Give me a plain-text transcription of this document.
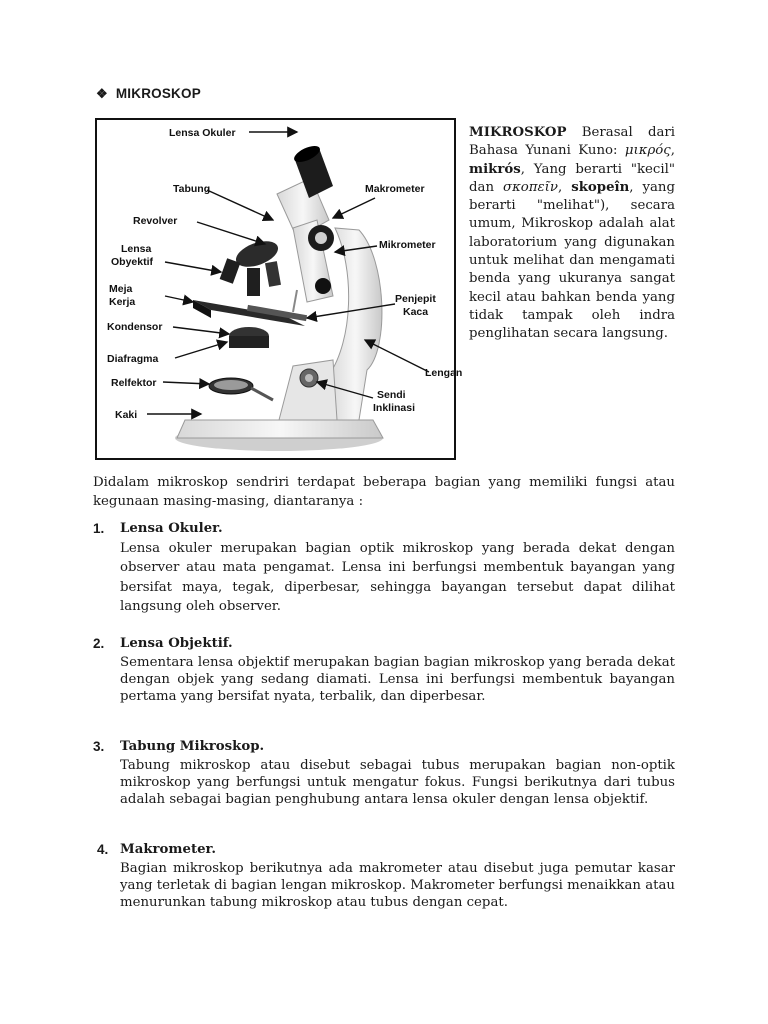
❖ MIKROSKOP
Lensa Okuler
Tabung
Revolver
Lensa
Obyektif
Meja
Kerja
Kondensor
Diafragma
Relfektor
Kaki
Makrometer
Mikrometer
Penjepit
Kaca
Lengan
Sendi
Inklinasi
MIKROSKOP Berasal dari Bahasa Yunani Kuno: μικρός, mikrós, Yang berarti "kecil" dan σκοπεῖν, skopeîn, yang berarti "melihat"), secara umum, Mikroskop adalah alat laboratorium yang digunakan untuk melihat dan mengamati benda yang ukuranya sangat kecil atau bahkan benda yang tidak tampak oleh indra penglihatan secara langsung.
Didalam mikroskop sendriri terdapat beberapa bagian yang memiliki fungsi atau kegunaan masing-masing, diantaranya :
1. Lensa Okuler.
Lensa okuler merupakan bagian optik mikroskop yang berada dekat dengan observer atau mata pengamat. Lensa ini berfungsi membentuk bayangan yang bersifat maya, tegak, diperbesar, sehingga bayangan tersebut dapat dilihat langsung oleh observer.
2. Lensa Objektif.
Sementara lensa objektif merupakan bagian bagian mikroskop yang berada dekat dengan objek yang sedang diamati. Lensa ini berfungsi membentuk bayangan pertama yang bersifat nyata, terbalik, dan diperbesar.
3. Tabung Mikroskop.
Tabung mikroskop atau disebut sebagai tubus merupakan bagian non-optik mikroskop yang berfungsi untuk mengatur fokus. Fungsi berikutnya dari tubus adalah sebagai bagian penghubung antara lensa okuler dengan lensa objektif.
4. Makrometer.
Bagian mikroskop berikutnya ada makrometer atau disebut juga pemutar kasar yang terletak di bagian lengan mikroskop. Makrometer berfungsi menaikkan atau menurunkan tabung mikroskop atau tubus dengan cepat.
